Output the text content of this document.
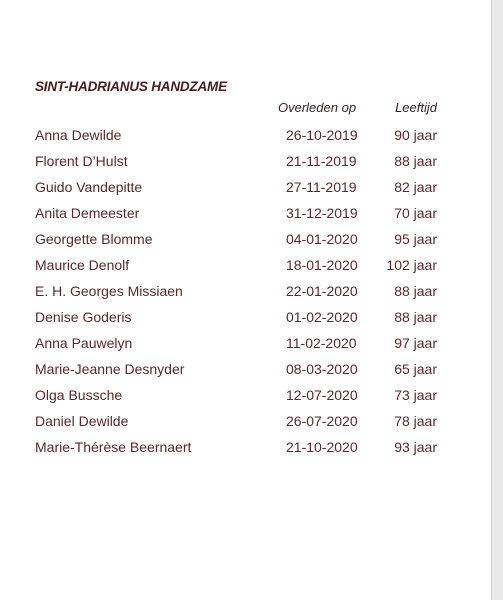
SINT-HADRIANUS HANDZAME
Overleden op	Leeftijd
Anna Dewilde	26-10-2019	90 jaar
Florent D’Hulst	21-11-2019	88 jaar
Guido Vandepitte	27-11-2019	82 jaar
Anita Demeester	31-12-2019	70 jaar
Georgette Blomme	04-01-2020	95 jaar
Maurice Denolf	18-01-2020 102 jaar
E. H. Georges Missiaen	22-01-2020	88 jaar
Denise Goderis	01-02-2020	88 jaar
Anna Pauwelyn	11-02-2020	97 jaar
Marie-Jeanne Desnyder	08-03-2020	65 jaar
Olga Bussche	12-07-2020	73 jaar
Daniel Dewilde	26-07-2020	78 jaar
Marie-Thérèse Beernaert	21-10-2020	93 jaar
